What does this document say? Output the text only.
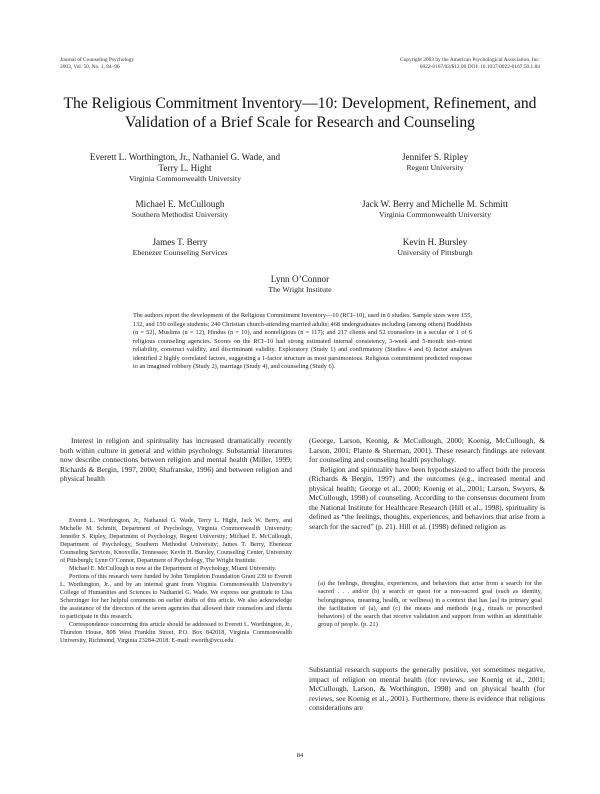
Journal of Counseling Psychology
2003, Vol. 50, No. 1, 84–96
Copyright 2003 by the American Psychological Association, Inc.
0022-0167/03/$12.00 DOI: 10.1037/0022-0167.50.1.84
The Religious Commitment Inventory—10: Development, Refinement, and
Validation of a Brief Scale for Research and Counseling
Everett L. Worthington, Jr., Nathaniel G. Wade, and
Terry L. Hight
Virginia Commonwealth University
Jennifer S. Ripley
Regent University
Michael E. McCullough
Southern Methodist University
Jack W. Berry and Michelle M. Schmitt
Virginia Commonwealth University
James T. Berry
Ebenezer Counseling Services
Kevin H. Bursley
University of Pittsburgh
Lynn O’Connor
The Wright Institute
The authors report the development of the Religious Commitment Inventory—10 (RCI–10), used in 6 studies. Sample sizes were 155, 132, and 150 college students; 240 Christian church-attending married adults; 468 undergraduates including (among others) Buddhists (n = 52), Muslims (n = 12), Hindus (n = 10), and nonreligious (n = 117); and 217 clients and 52 counselors in a secular or 1 of 6 religious counseling agencies. Scores on the RCI–10 had strong estimated internal consistency, 3-week and 5-month test–retest reliability, construct validity, and discriminant validity. Exploratory (Study 1) and confirmatory (Studies 4 and 6) factor analyses identified 2 highly correlated factors, suggesting a 1-factor structure as most parsimonious. Religious commitment predicted response to an imagined robbery (Study 2), marriage (Study 4), and counseling (Study 6).

Interest in religion and spirituality has increased dramatically recently both within culture in general and within psychology. Substantial literatures now describe connections between religion and mental health (Miller, 1999; Richards & Bergin, 1997, 2000; Shafranske, 1996) and between religion and physical health

Everett L. Worthington, Jr., Nathaniel G. Wade, Terry L. Hight, Jack W. Berry, and Michelle M. Schmitt, Department of Psychology, Virginia Commonwealth University; Jennifer S. Ripley, Department of Psychology, Regent University; Michael E. McCullough, Department of Psychology, Southern Methodist University; James T. Berry, Ebenezer Counseling Services, Knoxville, Tennessee; Kevin H. Bursley, Counseling Center, University of Pittsburgh; Lynn O’Connor, Department of Psychology, The Wright Institute.

Michael E. McCullough is now at the Department of Psychology, Miami University.

Portions of this research were funded by John Templeton Foundation Grant 239 to Everett L. Worthington, Jr., and by an internal grant from Virginia Commonwealth University’s College of Humanities and Sciences to Nathaniel G. Wade. We express our gratitude to Lisa Scherzinger for her helpful comments on earlier drafts of this article. We also acknowledge the assistance of the directors of the seven agencies that allowed their counselors and clients to participate in this research.

Correspondence concerning this article should be addressed to Everett L. Worthington, Jr., Thurston House, 808 West Franklin Street, P.O. Box 842018, Virginia Commonwealth University, Richmond, Virginia 23284-2018. E-mail: eworth@vcu.edu

(George, Larson, Keonig, & McCullough, 2000; Koenig, McCullough, & Larson, 2001; Plante & Sherman, 2001). These research findings are relevant for counseling and counseling health psychology.

Religion and spirituality have been hypothesized to affect both the process (Richards & Bergin, 1997) and the outcomes (e.g., increased mental and physical health; George et al., 2000; Koenig et al., 2001; Larson, Swyers, & McCullough, 1998) of counseling. According to the consensus document from the National Institute for Healthcare Research (Hill et al., 1998), spirituality is defined as “the feelings, thoughts, experiences, and behaviors that arise from a search for the sacred” (p. 21). Hill et al. (1998) defined religion as

(a) the feelings, thoughts, experiences, and behaviors that arise from a search for the sacred . . . and/or (b) a search or quest for a non-sacred goal (such as identity, belongingness, meaning, health, or wellness) in a context that has [as] its primary goal the facilitation of (a), and (c) the means and methods (e.g., rituals or prescribed behaviors) of the search that receive validation and support from within an identifiable group of people. (p. 21)

Substantial research supports the generally positive, yet sometimes negative, impact of religion on mental health (for reviews, see Koenig et al., 2001; McCullough, Larson, & Worthington, 1998) and on physical health (for reviews, see Koenig et al., 2001). Furthermore, there is evidence that religious considerations are

84
